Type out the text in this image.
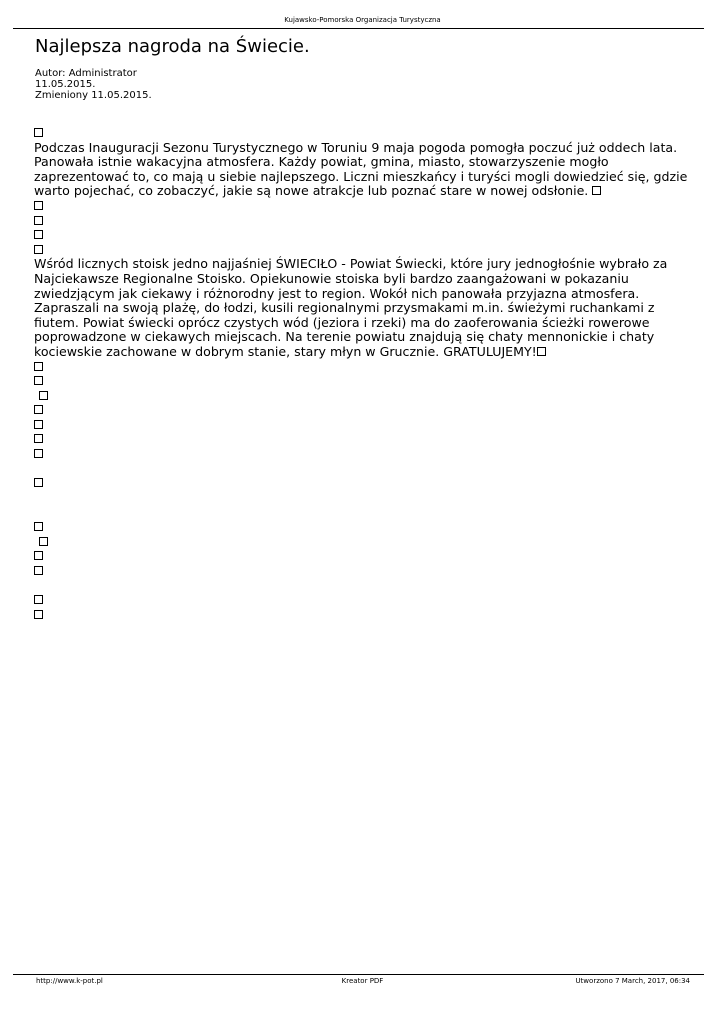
Kujawsko-Pomorska Organizacja Turystyczna
Najlepsza nagroda na Świecie.
Autor: Administrator
11.05.2015.
Zmieniony 11.05.2015.

Podczas Inauguracji Sezonu Turystycznego w Toruniu 9 maja pogoda pomogła poczuć już oddech lata. Panowała istnie wakacyjna atmosfera. Każdy powiat, gmina, miasto, stowarzyszenie mogło zaprezentować to, co mają u siebie najlepszego. Liczni mieszkańcy i turyści mogli dowiedzieć się, gdzie warto pojechać, co zobaczyć, jakie są nowe atrakcje lub poznać stare w nowej odsłonie.

Wśród licznych stoisk jedno najjaśniej ŚWIECIŁO - Powiat Świecki, które jury jednogłośnie wybrało za Najciekawsze Regionalne Stoisko. Opiekunowie stoiska byli bardzo zaangażowani w pokazaniu zwiedzjącym jak ciekawy i różnorodny jest to region. Wokół nich panowała przyjazna atmosfera. Zapraszali na swoją plażę, do łodzi, kusili regionalnymi przysmakami m.in. świeżymi ruchankami z fiutem. Powiat świecki oprócz czystych wód (jeziora i rzeki) ma do zaoferowania ścieżki rowerowe poprowadzone w ciekawych miejscach. Na terenie powiatu znajdują się chaty mennonickie i chaty kociewskie zachowane w dobrym stanie, stary młyn w Grucznie. GRATULUJEMY!

http://www.k-pot.pl	Kreator PDF	Utworzono 7 March, 2017, 06:34
